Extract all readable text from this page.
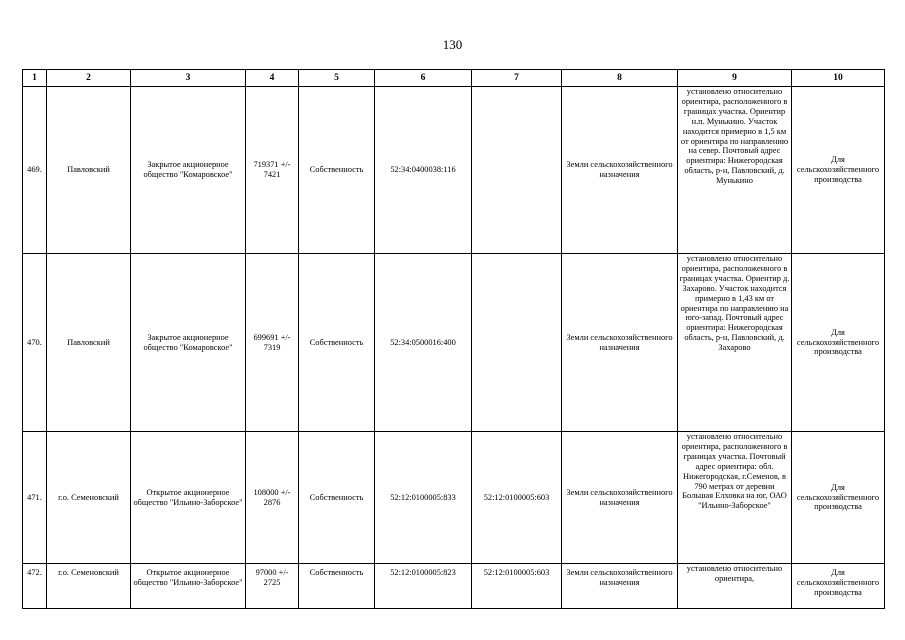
130
1	2	3	4	5	6	7	8	9	10
469.	Павловский	Закрытое акционерное общество "Комаровское"	719371 +/- 7421	Собственность	52:34:0400038:116		Земли сельскохозяйственного назначения	установлено относительно ориентира, расположенного в границах участка. Ориентир н.п. Мунькино. Участок находится примерно в 1,5 км от ориентира по направлению на север. Почтовый адрес ориентира: Нижегородская область, р-н, Павловский, д. Мунькино	Для сельскохозяйственного производства
470.	Павловский	Закрытое акционерное общество "Комаровское"	699691 +/- 7319	Собственность	52:34:0500016:400		Земли сельскохозяйственного назначения	установлено относительно ориентира, расположенного в границах участка. Ориентир д. Захарово. Участок находится примерно в 1,43 км от ориентира по направлению на юго-запад. Почтовый адрес ориентира: Нижегородская область, р-н, Павловский, д. Захарово	Для сельскохозяйственного производства
471.	г.о. Семеновский	Открытое акционерное общество "Ильино-Заборское"	108000 +/- 2876	Собственность	52:12:0100005:833	52:12:0100005:603	Земли сельскохозяйственного назначения	установлено относительно ориентира, расположенного в границах участка. Почтовый адрес ориентира: обл. Нижегородская, г.Семенов, в 790 метрах от деревни Большая Елховка на юг, ОАО "Ильино-Заборское"	Для сельскохозяйственного производства
472.	г.о. Семеновский	Открытое акционерное общество "Ильино-Заборское"	97000 +/- 2725	Собственность	52:12:0100005:823	52:12:0100005:603	Земли сельскохозяйственного назначения	установлено относительно ориентира,	Для сельскохозяйственного производства
